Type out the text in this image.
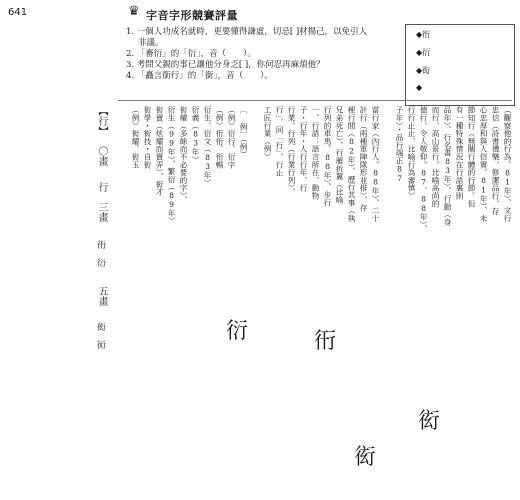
641	♛ 字音字形競賽評量
1. 一個人功成名就時，更要懂得謙虛，切忌[ ]材揚己，以免引人
非議。
2. 「畜衍」的「衍」，音（　　）。
3. 考問父親的事已讓他分身乏[ ]，你何忍再麻煩他？
4. 「矗言銜行」的「銜」，音（　　）。
◆衎
◆衍
◆衒
◆
【行】
〇畫
行
三畫
衎　衍
五畫
衒　衏
（觀察他的行為。81年）、文行
忠信（詩書禮樂，修潔品行，存
心忠厚和與人信實。81年）、未
節知行（無關行體的行節。但
有一種特殊情況在行語裏則
品年）、行名書83年）、行動（身
而行，高山景行，比喻高尚的
德行，令人敬仰。87、88年）、
行行止止，比喻行為審慎）
子年）・品行端正87
當行家（內行人。88年）、二十
計行（兩種軍陣隊形並排），存
梗行間（82年）、歷行其事（執
兄弟死亡），行雁折翼（比喻
行列的車馬。88年）、步行
一、行語：語言所在，動物
子・行年・人行行年，行
行業，行列（行業行列），
行」，同「行」，行止
工匠行業（例）
〔 例〕（例）
（例）衍行、衍字
（例）衎衎、衎暢
衍生。衍文（83年）
衍義（83年）
衒耀（多餘而不必要的字），
衍生（99年），繁衍（89年）
衒賣（炫耀而賣弄），衒才
衒學・衒技・自衒
（例）衒耀、衒玉
衍	衎
衒
衒
